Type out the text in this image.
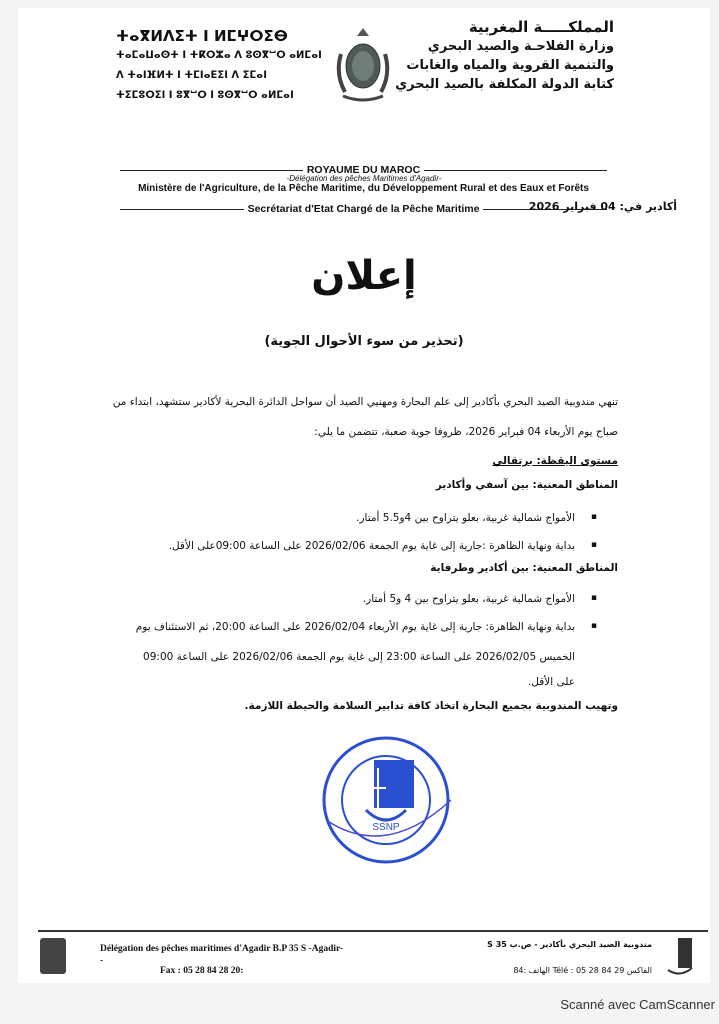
المملكـــــة المغربية
وزارة الفلاحـة والصيد البحري
والتنمية القروية والمياه والغابات
كتابة الدولة المكلفة بالصيد البحري
ⵜⴰⴳⵍⴷⵉⵜ ⵏ ⵍⵎⵖⵔⵉⴱ
ⵜⴰⵎⴰⵡⴰⵙⵜ ⵏ ⵜⴽⵔⵣⴰ ⴷ ⵓⵙⴳⵯⵔ ⴰⵍⵎⴰⵏ
ⴷ ⵜⴰⵏⴼⵍⵜ ⵏ ⵜⵎⵏⴰⴹⵉⵏ ⴷ ⵉⵎⴰⵏ
ⵜⵉⵎⵓⵔⵉⵏ ⵏ ⵓⴳⵯⵔ ⵏ ⵓⵙⴳⵯⵔ ⴰⵍⵎⴰⵏ
ROYAUME DU MAROC
Ministère de l'Agriculture, de la Pêche Maritime, du Développement Rural et des Eaux et Forêts
Secrétariat d'Etat Chargé de la Pêche Maritime
-Délégation des pêches Maritimes d'Agadir-
أكادير في: 04 فبراير 2026
إعلان
(تحذير من سوء الأحوال الجوية)
تنهي مندوبية الصيد البحري بأكادير إلى علم البحارة ومهنيي الصيد أن سواحل الدائرة البحرية لأكادير ستشهد، ابتداء من
صباح يوم الأربعاء 04 فبراير 2026، ظروفا جوية صعبة، تتضمن ما يلي:
مستوى اليقظة: برتقالي
المناطق المعنية: بين آسفي وأكادير
▪ الأمواج شمالية غربية، بعلو يتراوح بين 4و5.5 أمتار.
▪ بداية ونهاية الظاهرة :جارية إلى غاية يوم الجمعة 2026/02/06 على الساعة 09:00على الأقل.
المناطق المعنية: بين أكادير وطرفاية
▪ الأمواج شمالية غربية، بعلو يتراوح بين 4 و5 أمتار.
▪ بداية ونهاية الظاهرة: جارية إلى غاية يوم الأربعاء 2026/02/04 على الساعة 20:00، ثم الاستئناف يوم
الخميس 2026/02/05 على الساعة 23:00 إلى غاية يوم الجمعة 2026/02/06 على الساعة 09:00
على الأقل.
وتهيب المندوبية بجميع البحارة اتخاذ كافة تدابير السلامة والحيطة اللازمة.
SSNP
Délégation des pêches maritimes d'Agadir B.P 35 S -Agadir-
-
Fax : 05 28 84 28 20:
مندوبية الصيد البحري بأكادير - ص.ب S 35
الهاتف :84 Télé : 05 28 84 29 الفاكس
Scanné avec CamScanner
